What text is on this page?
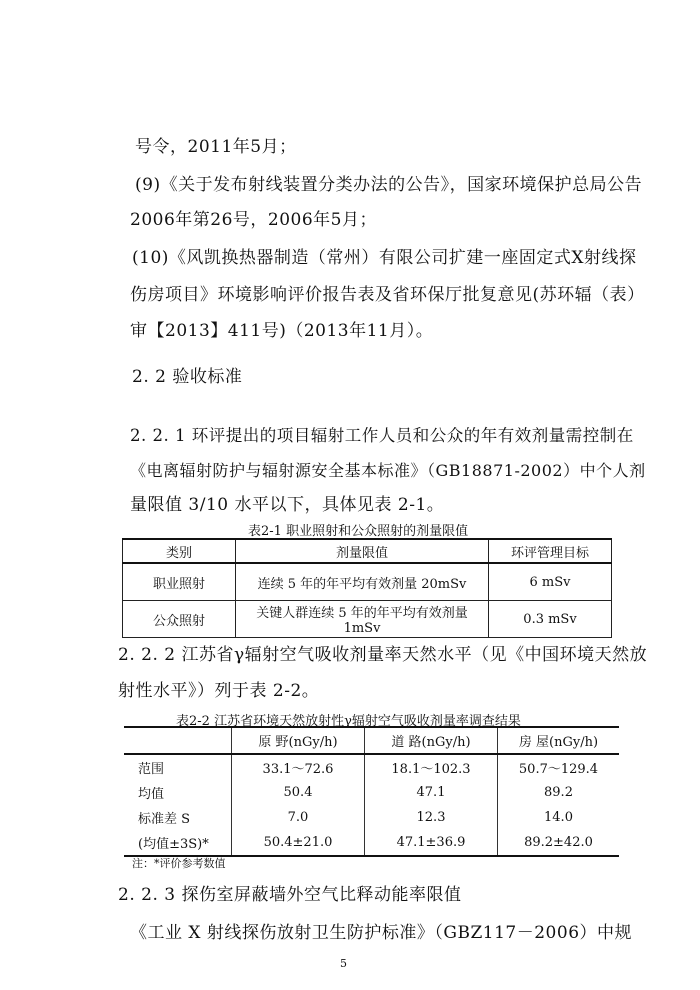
号令，2011年5月；
(9)《关于发布射线装置分类办法的公告》，国家环境保护总局公告
2006年第26号，2006年5月；
(10)《风凯换热器制造（常州）有限公司扩建一座固定式X射线探
伤房项目》环境影响评价报告表及省环保厅批复意见(苏环辐（表）
审【2013】411号)（2013年11月）。
2. 2 验收标准
2. 2. 1 环评提出的项目辐射工作人员和公众的年有效剂量需控制在
《电离辐射防护与辐射源安全基本标准》（GB18871-2002）中个人剂
量限值 3/10 水平以下，具体见表 2-1。
表2-1 职业照射和公众照射的剂量限值
类别	剂量限值	环评管理目标
职业照射	连续 5 年的年平均有效剂量 20mSv	6 mSv
公众照射	关键人群连续 5 年的年平均有效剂量 1mSv	0.3 mSv
2. 2. 2 江苏省γ辐射空气吸收剂量率天然水平（见《中国环境天然放
射性水平》）列于表 2-2。
表2-2 江苏省环境天然放射性γ辐射空气吸收剂量率调查结果
	原 野(nGy/h)	道 路(nGy/h)	房 屋(nGy/h)
范围	33.1～72.6	18.1～102.3	50.7～129.4
均值	50.4	47.1	89.2
标准差 S	7.0	12.3	14.0
(均值±3S)*	50.4±21.0	47.1±36.9	89.2±42.0
注：*评价参考数值
2. 2. 3 探伤室屏蔽墙外空气比释动能率限值
《工业 X 射线探伤放射卫生防护标准》（GBZ117－2006）中规
5
